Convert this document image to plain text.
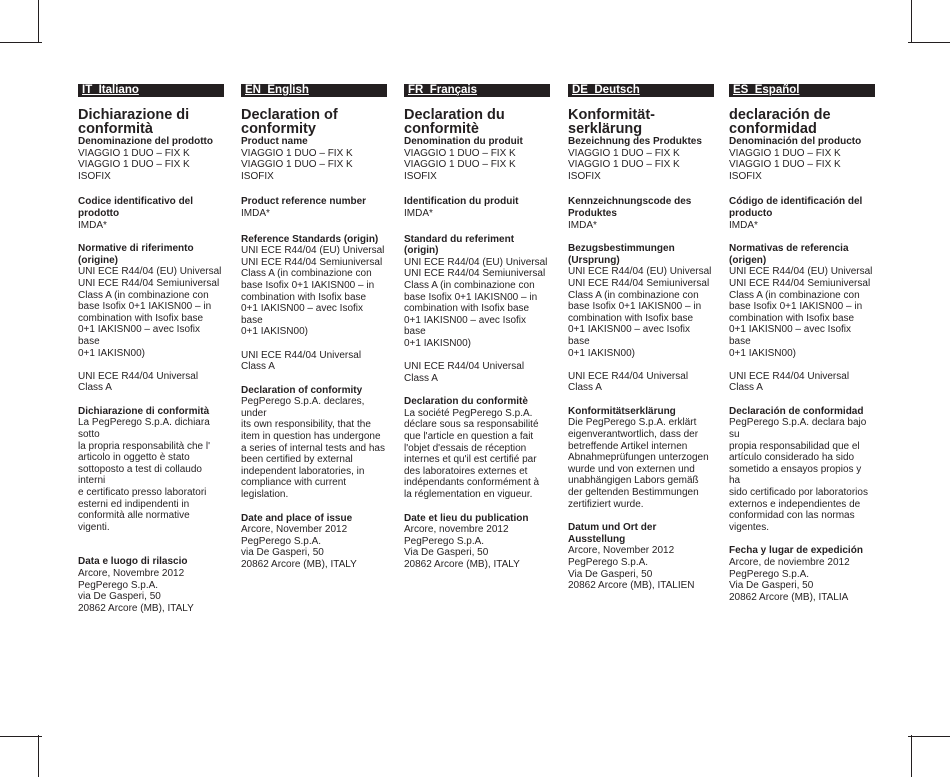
IT_Italiano
Dichiarazione di
conformità
Denominazione del prodotto
VIAGGIO 1 DUO – FIX K
VIAGGIO 1 DUO – FIX K ISOFIX
Codice identificativo del
prodotto
IMDA*
Normative di riferimento (origine)
UNI ECE R44/04 (EU) Universal
UNI ECE R44/04 Semiuniversal
Class A (in combinazione con
base Isofix 0+1 IAKISN00 – in
combination with Isofix base
0+1 IAKISN00 – avec Isofix base
0+1 IAKISN00)

UNI ECE R44/04 Universal Class A
Dichiarazione di conformità
La PegPerego S.p.A. dichiara sotto
la propria responsabilità che l'
articolo in oggetto è stato
sottoposto a test di collaudo interni
e certificato presso laboratori
esterni ed indipendenti in
conformità alle normative vigenti.
Data e luogo di rilascio
Arcore, Novembre 2012
PegPerego S.p.A.
via De Gasperi, 50
20862 Arcore (MB), ITALY
EN_English
Declaration of
conformity
Product name
VIAGGIO 1 DUO – FIX K
VIAGGIO 1 DUO – FIX K ISOFIX
Product reference number
IMDA*
Reference Standards (origin)
UNI ECE R44/04 (EU) Universal
UNI ECE R44/04 Semiuniversal
Class A (in combinazione con
base Isofix 0+1 IAKISN00 – in
combination with Isofix base
0+1 IAKISN00 – avec Isofix base
0+1 IAKISN00)

UNI ECE R44/04 Universal Class A
Declaration of conformity
PegPerego S.p.A. declares, under
its own responsibility, that the
item in question has undergone
a series of internal tests and has
been certified by external
independent laboratories, in
compliance with current
legislation.
Date and place of issue
Arcore, November 2012
PegPerego S.p.A.
via De Gasperi, 50
20862 Arcore (MB), ITALY
FR_Français
Declaration du
conformitè
Denomination du produit
VIAGGIO 1 DUO – FIX K
VIAGGIO 1 DUO – FIX K ISOFIX
Identification du produit
IMDA*
Standard du referiment (origin)
UNI ECE R44/04 (EU) Universal
UNI ECE R44/04 Semiuniversal
Class A (in combinazione con
base Isofix 0+1 IAKISN00 – in
combination with Isofix base
0+1 IAKISN00 – avec Isofix base
0+1 IAKISN00)

UNI ECE R44/04 Universal Class A
Declaration du conformitè
La société PegPerego S.p.A.
déclare sous sa responsabilité
que l'article en question a fait
l'objet d'essais de réception
internes et qu'il est certifié par
des laboratoires externes et
indépendants conformément à
la réglementation en vigueur.
Date et lieu du publication
Arcore, novembre 2012
PegPerego S.p.A.
Via De Gasperi, 50
20862 Arcore (MB), ITALY
DE_Deutsch
Konformität-
serklärung
Bezeichnung des Produktes
VIAGGIO 1 DUO – FIX K
VIAGGIO 1 DUO – FIX K ISOFIX
Kennzeichnungscode des
Produktes
IMDA*
Bezugsbestimmungen
(Ursprung)
UNI ECE R44/04 (EU) Universal
UNI ECE R44/04 Semiuniversal
Class A (in combinazione con
base Isofix 0+1 IAKISN00 – in
combination with Isofix base
0+1 IAKISN00 – avec Isofix base
0+1 IAKISN00)

UNI ECE R44/04 Universal Class A
Konformitätserklärung
Die PegPerego S.p.A. erklärt
eigenverantwortlich, dass der
betreffende Artikel internen
Abnahmeprüfungen unterzogen
wurde und von externen und
unabhängigen Labors gemäß
der geltenden Bestimmungen
zertifiziert wurde.
Datum und Ort der Ausstellung
Arcore, November 2012
PegPerego S.p.A.
Via De Gasperi, 50
20862 Arcore (MB), ITALIEN
ES_Español
declaración de
conformidad
Denominación del producto
VIAGGIO 1 DUO – FIX K
VIAGGIO 1 DUO – FIX K ISOFIX
Código de identificación del
producto
IMDA*
Normativas de referencia
(origen)
UNI ECE R44/04 (EU) Universal
UNI ECE R44/04 Semiuniversal
Class A (in combinazione con
base Isofix 0+1 IAKISN00 – in
combination with Isofix base
0+1 IAKISN00 – avec Isofix base
0+1 IAKISN00)

UNI ECE R44/04 Universal Class A
Declaración de conformidad
PegPerego S.p.A. declara bajo su
propia responsabilidad que el
artículo considerado ha sido
sometido a ensayos propios y ha
sido certificado por laboratorios
externos e independientes de
conformidad con las normas
vigentes.
Fecha y lugar de expedición
Arcore, de noviembre 2012
PegPerego S.p.A.
Via De Gasperi, 50
20862 Arcore (MB), ITALIA
